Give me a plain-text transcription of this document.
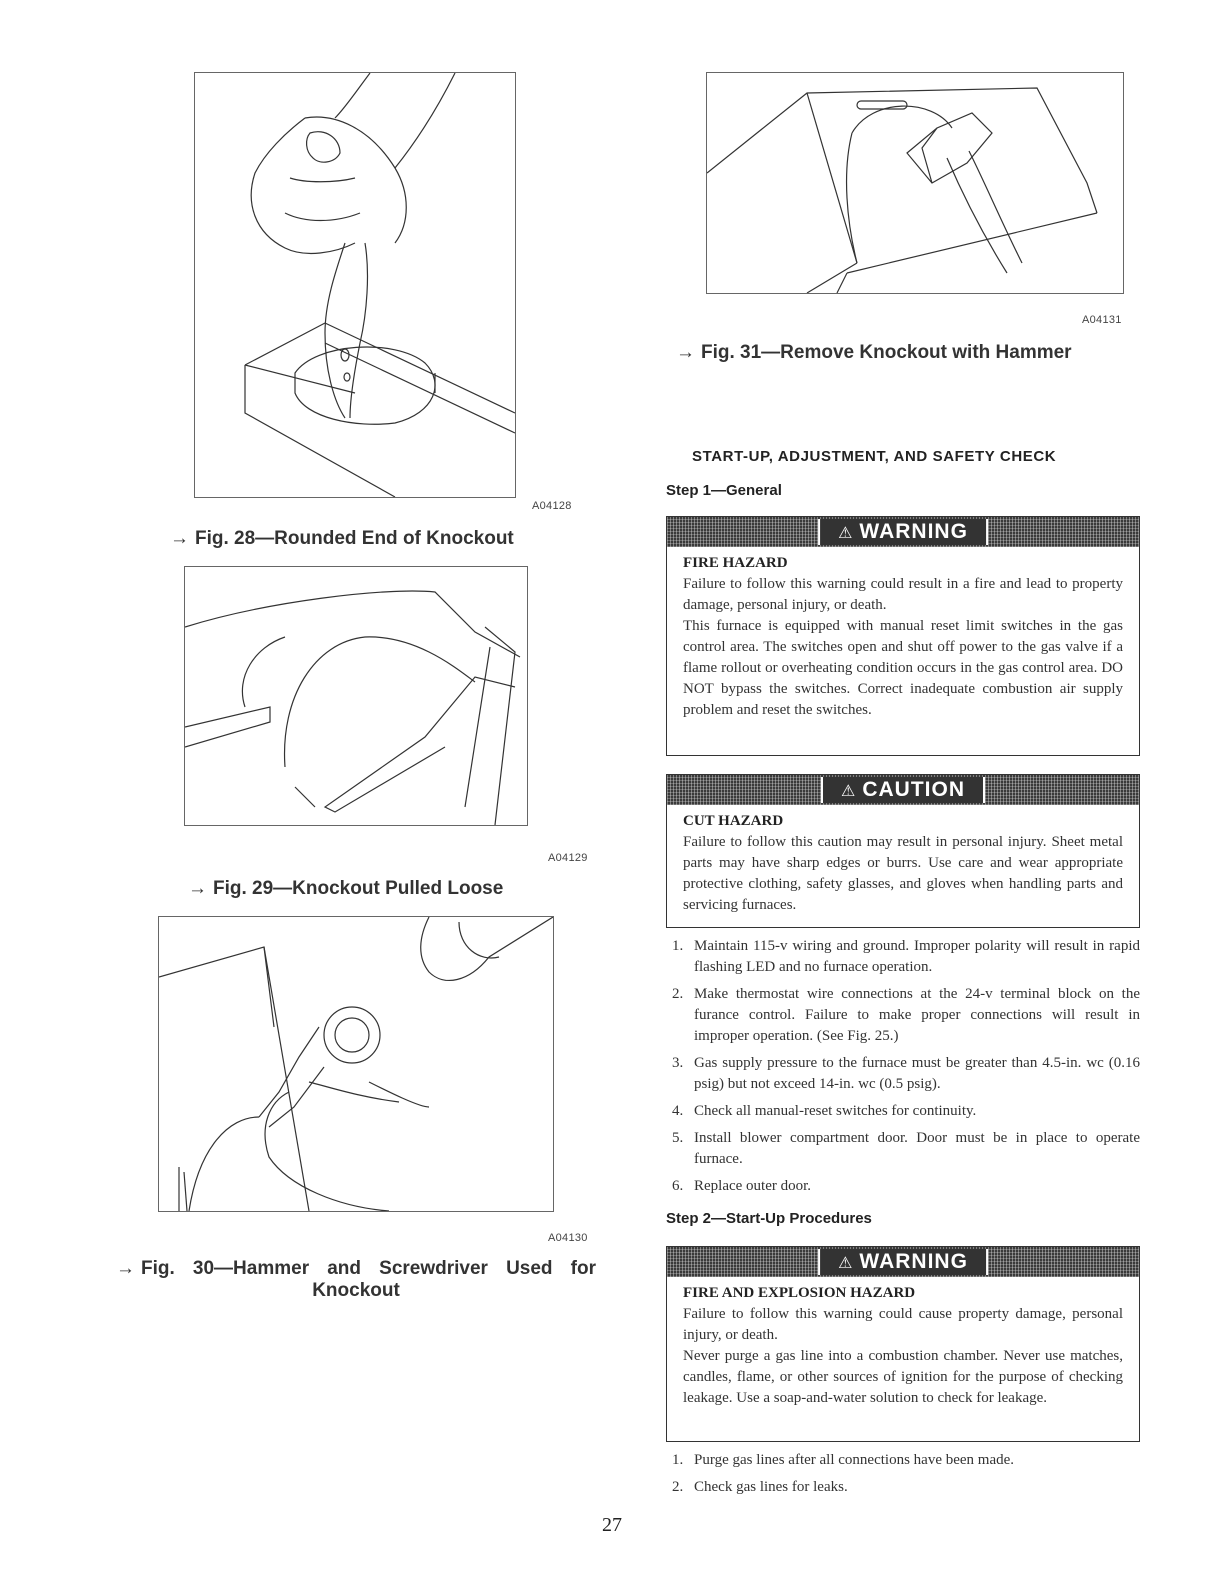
A04128
→ Fig. 28—Rounded End of Knockout
A04129
→ Fig. 29—Knockout Pulled Loose
A04130
→ Fig. 30—Hammer and Screwdriver Used for
Knockout
A04131
→ Fig. 31—Remove Knockout with Hammer
START-UP, ADJUSTMENT, AND SAFETY CHECK
Step 1—General
⚠ WARNING
FIRE HAZARD

Failure to follow this warning could result in a fire and lead to property damage, personal injury, or death.

This furnace is equipped with manual reset limit switches in the gas control area. The switches open and shut off power to the gas valve if a flame rollout or overheating condition occurs in the gas control area. DO NOT bypass the switches. Correct inadequate combustion air supply problem and reset the switches.

⚠ CAUTION
CUT HAZARD

Failure to follow this caution may result in personal injury. Sheet metal parts may have sharp edges or burrs. Use care and wear appropriate protective clothing, safety glasses, and gloves when handling parts and servicing furnaces.

1. Maintain 115-v wiring and ground. Improper polarity will result in rapid flashing LED and no furnace operation.
2. Make thermostat wire connections at the 24-v terminal block on the furance control. Failure to make proper connections will result in improper operation. (See Fig. 25.)
3. Gas supply pressure to the furnace must be greater than 4.5-in. wc (0.16 psig) but not exceed 14-in. wc (0.5 psig).
4. Check all manual-reset switches for continuity.
5. Install blower compartment door. Door must be in place to operate furnace.
6. Replace outer door.
Step 2—Start-Up Procedures
⚠ WARNING
FIRE AND EXPLOSION HAZARD

Failure to follow this warning could cause property damage, personal injury, or death.

Never purge a gas line into a combustion chamber. Never use matches, candles, flame, or other sources of ignition for the purpose of checking leakage. Use a soap-and-water solution to check for leakage.

1. Purge gas lines after all connections have been made.
2. Check gas lines for leaks.
27
